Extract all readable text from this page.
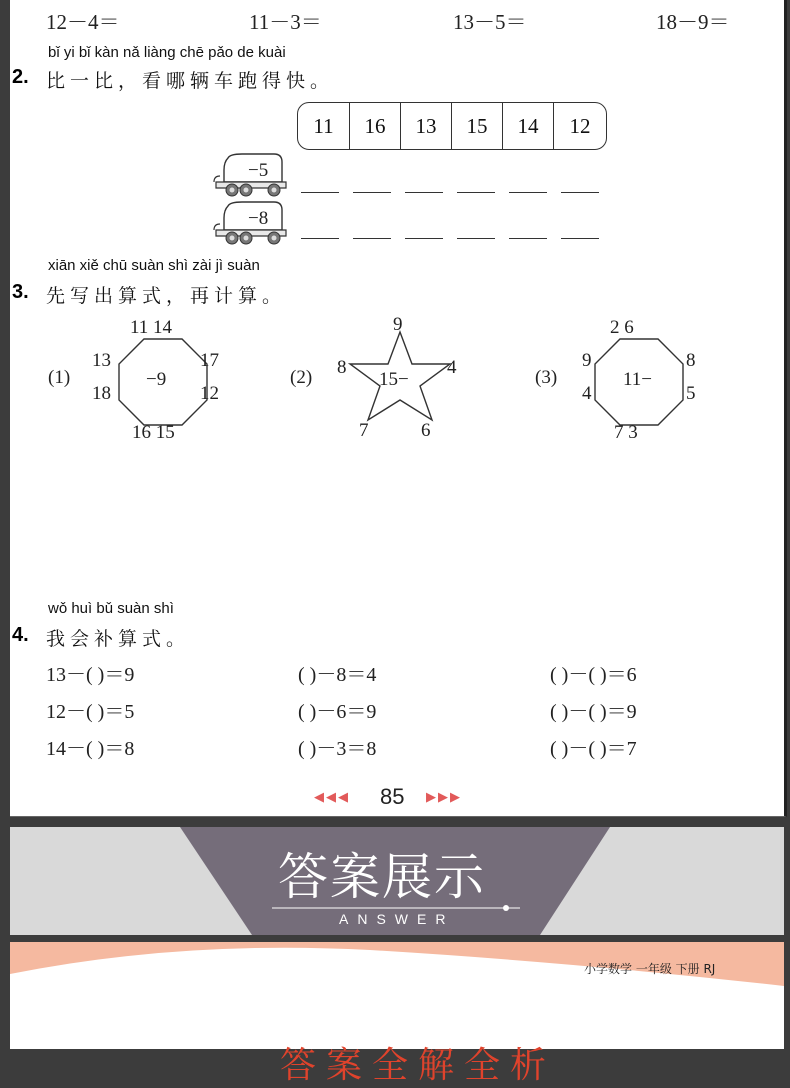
12－4＝	11－3＝	13－5＝	18－9＝
bǐ yi bǐ kàn nǎ liàng chē pǎo de kuài
2. 比一比，看哪辆车跑得快。
11	16	13	15	14	12
−5
−8
xiān xiě chū suàn shì zài jì suàn
3. 先写出算式，再计算。
(1)	−9
11 14
13
18
17
12
16 15
(2)	15−
9
8	4
7	6
(3)	11−
2 6
9
4
8
5
7 3
wǒ huì bǔ suàn shì
4. 我会补算式。
13－( )＝9	( )－8＝4	( )－( )＝6
12－( )＝5	( )－6＝9	( )－( )＝9
14－( )＝8	( )－3＝8	( )－( )＝7
◀◀◀ 85 ▶▶▶
答案展示
ANSWER
小学数学 一年级 下册 RJ
答案全解全析
